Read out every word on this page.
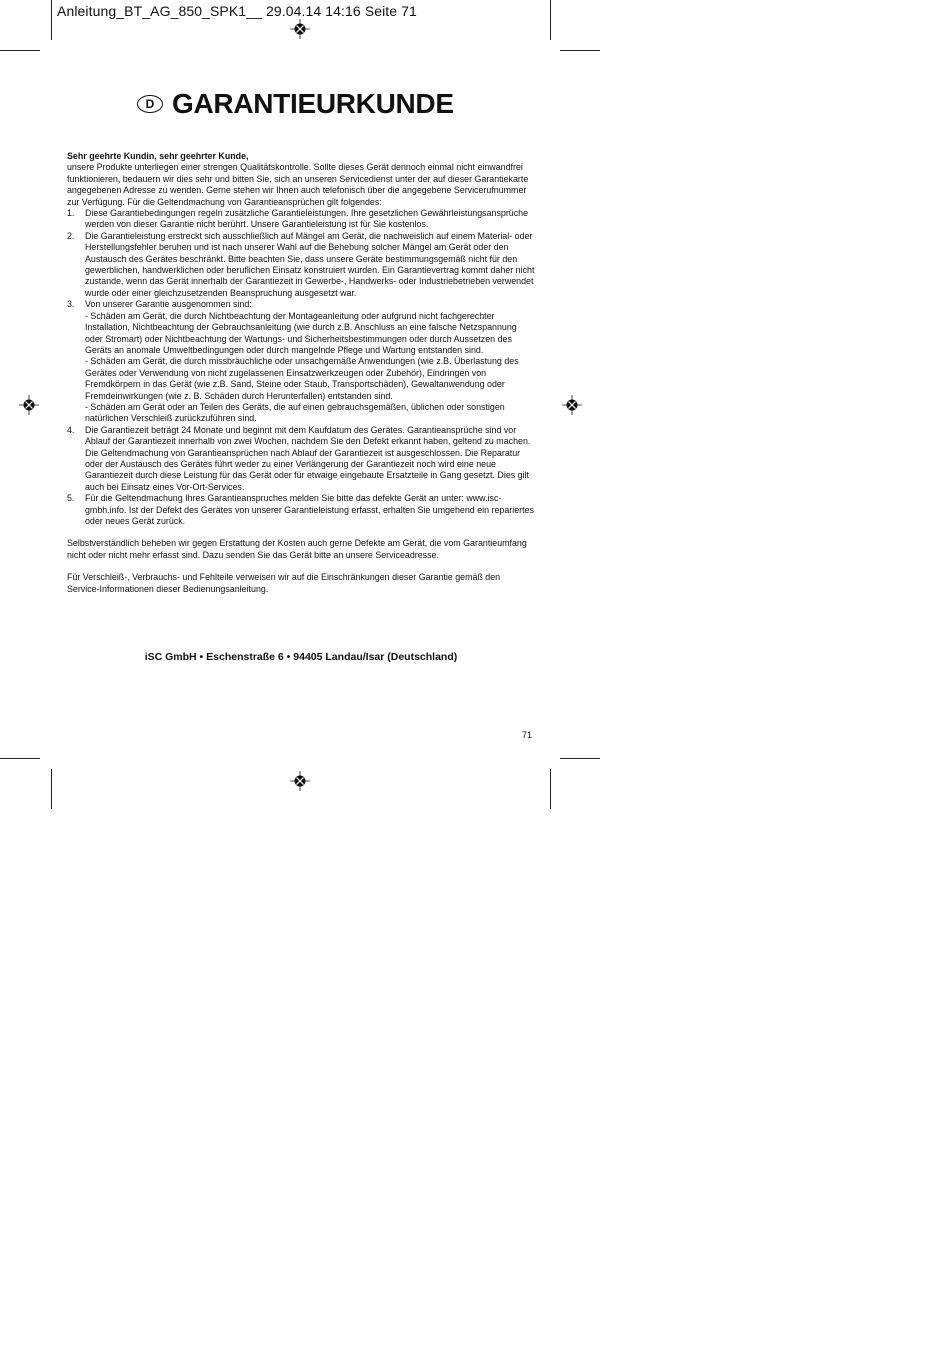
Anleitung_BT_AG_850_SPK1__ 29.04.14 14:16 Seite 71
D GARANTIEURKUNDE
Sehr geehrte Kundin, sehr geehrter Kunde,
unsere Produkte unterliegen einer strengen Qualitätskontrolle. Sollte dieses Gerät dennoch einmal nicht einwandfrei funktionieren, bedauern wir dies sehr und bitten Sie, sich an unseren Servicedienst unter der auf dieser Garantiekarte angegebenen Adresse zu wenden. Gerne stehen wir Ihnen auch telefonisch über die angegebene Servicerufnummer zur Verfügung. Für die Geltendmachung von Garantieansprüchen gilt folgendes:
1.	Diese Garantiebedingungen regeln zusätzliche Garantieleistungen. Ihre gesetzlichen Gewährleistungsansprüche werden von dieser Garantie nicht berührt. Unsere Garantieleistung ist für Sie kostenlos.
2.	Die Garantieleistung erstreckt sich ausschließlich auf Mängel am Gerät, die nachweislich auf einem Material- oder Herstellungsfehler beruhen und ist nach unserer Wahl auf die Behebung solcher Mängel am Gerät oder den Austausch des Gerätes beschränkt. Bitte beachten Sie, dass unsere Geräte bestimmungsgemäß nicht für den gewerblichen, handwerklichen oder beruflichen Einsatz konstruiert wurden. Ein Garantievertrag kommt daher nicht zustande, wenn das Gerät innerhalb der Garantiezeit in Gewerbe-, Handwerks- oder Industriebetrieben verwendet wurde oder einer gleichzusetzenden Beanspruchung ausgesetzt war.
3.	Von unserer Garantie ausgenommen sind:
- Schäden am Gerät, die durch Nichtbeachtung der Montageanleitung oder aufgrund nicht fachgerechter Installation, Nichtbeachtung der Gebrauchsanleitung (wie durch z.B. Anschluss an eine falsche Netzspannung oder Stromart) oder Nichtbeachtung der Wartungs- und Sicherheitsbestimmungen oder durch Aussetzen des Geräts an anomale Umweltbedingungen oder durch mangelnde Pflege und Wartung entstanden sind.
- Schäden am Gerät, die durch missbräuchliche oder unsachgemäße Anwendungen (wie z.B. Überlastung des Gerätes oder Verwendung von nicht zugelassenen Einsatzwerkzeugen oder Zubehör), Eindringen von Fremdkörpern in das Gerät (wie z.B. Sand, Steine oder Staub, Transportschäden), Gewaltanwendung oder Fremdeinwirkungen (wie z. B. Schäden durch Herunterfallen) entstanden sind.
- Schäden am Gerät oder an Teilen des Geräts, die auf einen gebrauchsgemäßen, üblichen oder sonstigen natürlichen Verschleiß zurückzuführen sind.
4.	Die Garantiezeit beträgt 24 Monate und beginnt mit dem Kaufdatum des Gerätes. Garantieansprüche sind vor Ablauf der Garantiezeit innerhalb von zwei Wochen, nachdem Sie den Defekt erkannt haben, geltend zu machen. Die Geltendmachung von Garantieansprüchen nach Ablauf der Garantiezeit ist ausgeschlossen. Die Reparatur oder der Austausch des Gerätes führt weder zu einer Verlängerung der Garantiezeit noch wird eine neue Garantiezeit durch diese Leistung für das Gerät oder für etwaige eingebaute Ersatzteile in Gang gesetzt. Dies gilt auch bei Einsatz eines Vor-Ort-Services.
5.	Für die Geltendmachung Ihres Garantieanspruches melden Sie bitte das defekte Gerät an unter: www.isc-gmbh.info. Ist der Defekt des Gerätes von unserer Garantieleistung erfasst, erhalten Sie umgehend ein repariertes oder neues Gerät zurück.
Selbstverständlich beheben wir gegen Erstattung der Kosten auch gerne Defekte am Gerät, die vom Garantieumfang nicht oder nicht mehr erfasst sind. Dazu senden Sie das Gerät bitte an unsere Serviceadresse.
Für Verschleiß-, Verbrauchs- und Fehlteile verweisen wir auf die Einschränkungen dieser Garantie gemäß den Service-Informationen dieser Bedienungsanleitung.
iSC GmbH • Eschenstraße 6 • 94405 Landau/Isar (Deutschland)
71
